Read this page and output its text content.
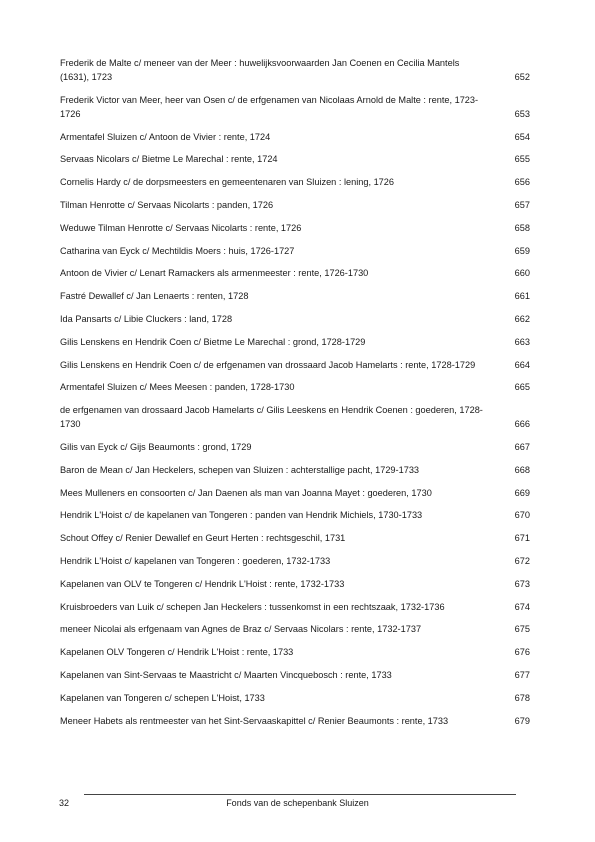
Frederik de Malte c/ meneer van der Meer : huwelijksvoorwaarden Jan Coenen en Cecilia Mantels (1631), 1723	652
Frederik Victor van Meer, heer van Osen c/ de erfgenamen van Nicolaas Arnold de Malte : rente, 1723-1726	653
Armentafel Sluizen c/ Antoon de Vivier : rente, 1724	654
Servaas Nicolars c/ Bietme Le Marechal : rente, 1724	655
Cornelis Hardy c/ de dorpsmeesters en gemeentenaren van Sluizen : lening, 1726	656
Tilman Henrotte c/ Servaas Nicolarts : panden, 1726	657
Weduwe Tilman Henrotte c/ Servaas Nicolarts : rente, 1726	658
Catharina van Eyck c/ Mechtildis Moers : huis, 1726-1727	659
Antoon de Vivier c/ Lenart Ramackers als armenmeester : rente, 1726-1730	660
Fastré Dewallef c/ Jan Lenaerts : renten, 1728	661
Ida Pansarts c/ Libie Cluckers : land, 1728	662
Gilis Lenskens en Hendrik Coen c/ Bietme Le Marechal : grond, 1728-1729	663
Gilis Lenskens en Hendrik Coen c/ de erfgenamen van drossaard Jacob Hamelarts : rente, 1728-1729	664
Armentafel Sluizen c/ Mees Meesen : panden, 1728-1730	665
de erfgenamen van drossaard Jacob Hamelarts c/ Gilis Leeskens en Hendrik Coenen : goederen, 1728-1730	666
Gilis van Eyck c/ Gijs Beaumonts : grond, 1729	667
Baron de Mean c/ Jan Heckelers, schepen van Sluizen : achterstallige pacht, 1729-1733	668
Mees Mulleners en consoorten c/ Jan Daenen als man van Joanna Mayet : goederen, 1730	669
Hendrik L'Hoist c/ de kapelanen van Tongeren : panden van Hendrik Michiels, 1730-1733	670
Schout Offey c/ Renier Dewallef en Geurt Herten : rechtsgeschil, 1731	671
Hendrik L'Hoist c/ kapelanen van Tongeren : goederen, 1732-1733	672
Kapelanen van OLV te Tongeren c/ Hendrik L'Hoist : rente, 1732-1733	673
Kruisbroeders van Luik c/ schepen Jan Heckelers : tussenkomst in een rechtszaak, 1732-1736	674
meneer Nicolai als erfgenaam van Agnes de Braz c/ Servaas Nicolars : rente, 1732-1737	675
Kapelanen OLV Tongeren c/ Hendrik L'Hoist : rente, 1733	676
Kapelanen van Sint-Servaas te Maastricht c/ Maarten Vincquebosch : rente, 1733	677
Kapelanen van Tongeren c/ schepen L'Hoist, 1733	678
Meneer Habets als rentmeester van het Sint-Servaaskapittel c/ Renier Beaumonts : rente, 1733	679
32	Fonds van de schepenbank Sluizen
